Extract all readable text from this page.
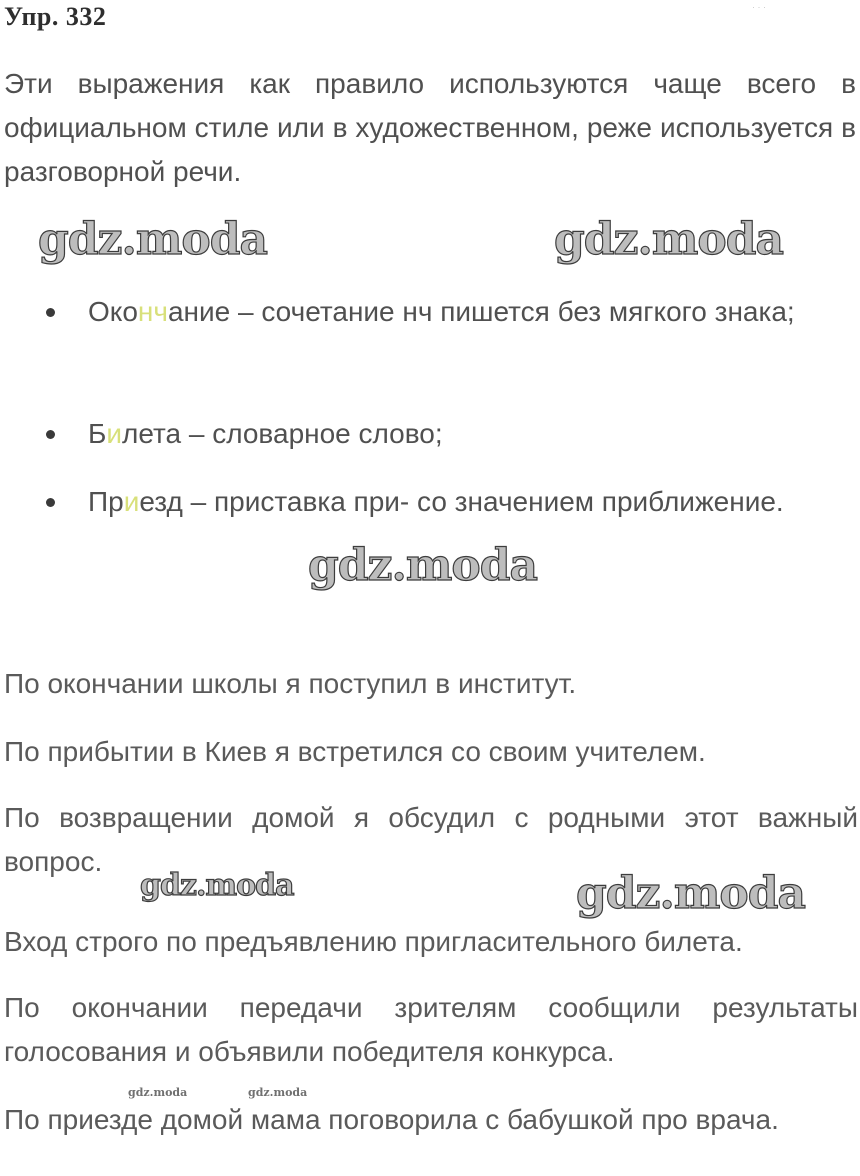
Упр. 332	· · ·

Эти выражения как правило используются чаще всего в официальном стиле или в художественном, реже используется в разговорной речи.

gdz.moda	gdz.moda
gdz.moda
gdz.moda	gdz.moda
gdz.moda	gdz.moda
Окончание – сочетание нч пишется без мягкого знака;
Билета – словарное слово;
Приезд – приставка при- со значением приближение.

По окончании школы я поступил в институт.

По прибытии в Киев я встретился со своим учителем.

По возвращении домой я обсудил с родными этот важный вопрос.

Вход строго по предъявлению пригласительного билета.

По окончании передачи зрителям сообщили результаты голосования и объявили победителя конкурса.

По приезде домой мама поговорила с бабушкой про врача.
